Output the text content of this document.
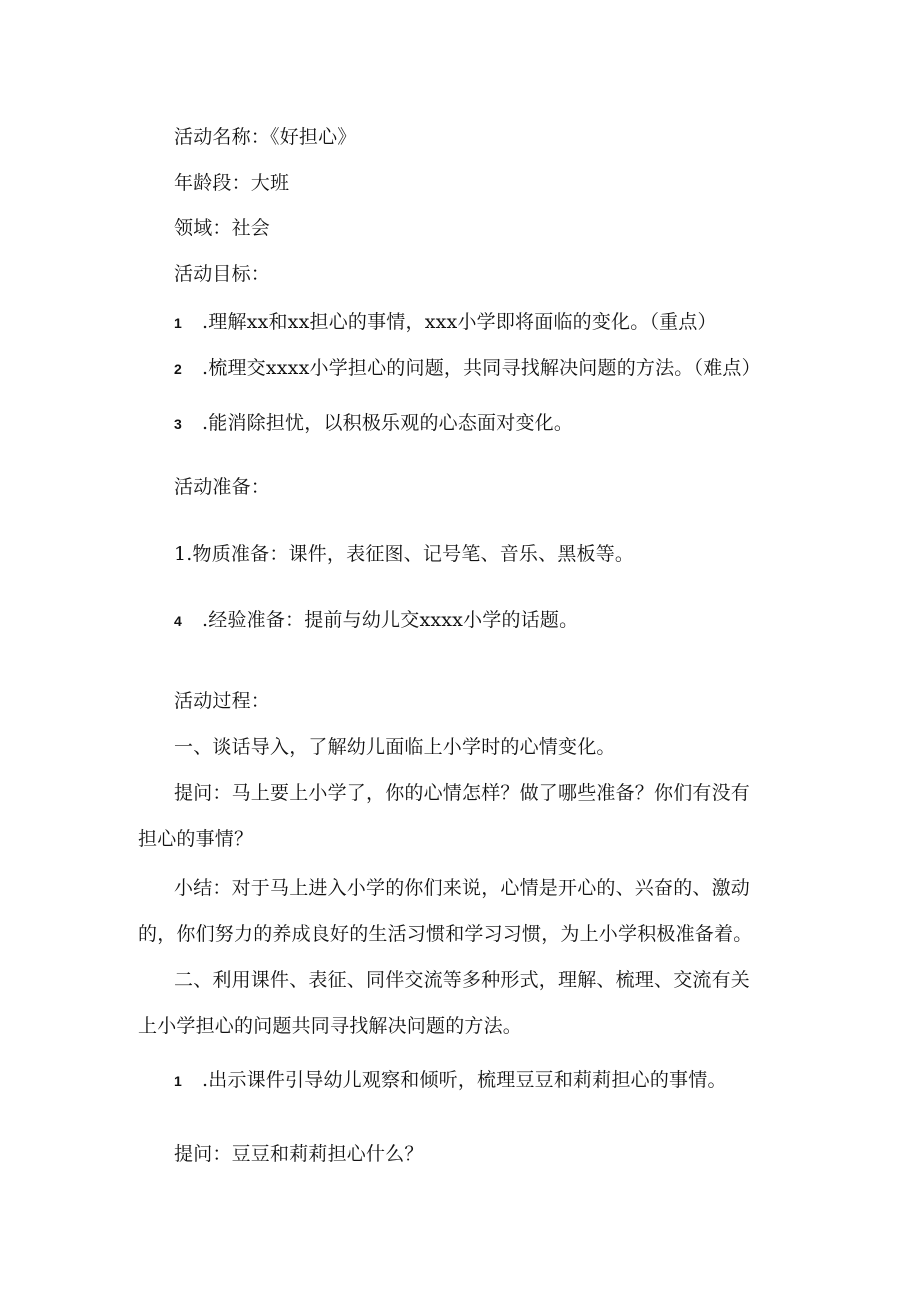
活动名称：《好担心》
年龄段：大班
领域：社会
活动目标：
1 .理解xx和xx担心的事情，xxx小学即将面临的变化。（重点）
2 .梳理交xxxx小学担心的问题，共同寻找解决问题的方法。（难点）
3 .能消除担忧，以积极乐观的心态面对变化。
活动准备：
1.物质准备：课件，表征图、记号笔、音乐、黑板等。
4 .经验准备：提前与幼儿交xxxx小学的话题。
活动过程：
一、谈话导入，了解幼儿面临上小学时的心情变化。
提问：马上要上小学了，你的心情怎样？做了哪些准备？你们有没有
担心的事情？
小结：对于马上进入小学的你们来说，心情是开心的、兴奋的、激动
的，你们努力的养成良好的生活习惯和学习习惯，为上小学积极准备着。
二、利用课件、表征、同伴交流等多种形式，理解、梳理、交流有关
上小学担心的问题共同寻找解决问题的方法。
1 .出示课件引导幼儿观察和倾听，梳理豆豆和莉莉担心的事情。
提问：豆豆和莉莉担心什么？
